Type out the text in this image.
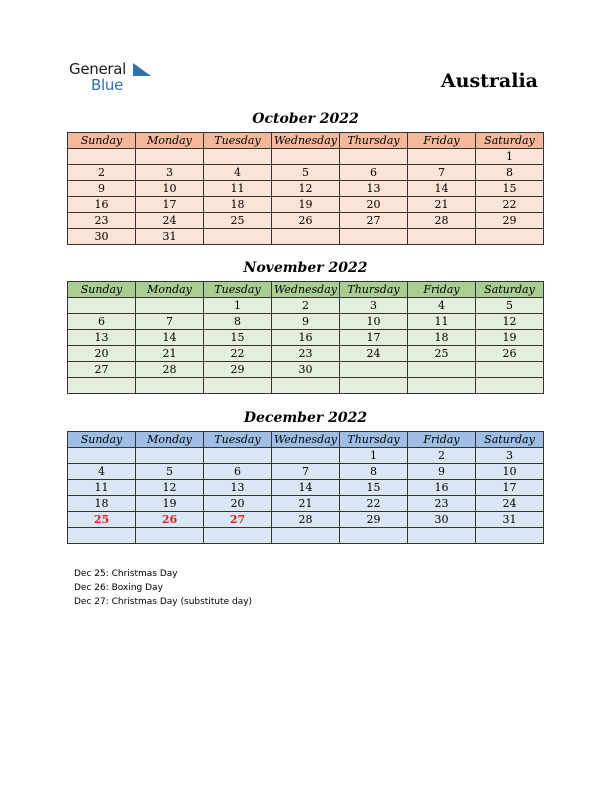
General
Blue	Australia
October 2022
Sunday	Monday	Tuesday	Wednesday	Thursday	Friday	Saturday
						1
2	3	4	5	6	7	8
9	10	11	12	13	14	15
16	17	18	19	20	21	22
23	24	25	26	27	28	29
30	31					
November 2022
Sunday	Monday	Tuesday	Wednesday	Thursday	Friday	Saturday
		1	2	3	4	5
6	7	8	9	10	11	12
13	14	15	16	17	18	19
20	21	22	23	24	25	26
27	28	29	30			

December 2022
Sunday	Monday	Tuesday	Wednesday	Thursday	Friday	Saturday
				1	2	3
4	5	6	7	8	9	10
11	12	13	14	15	16	17
18	19	20	21	22	23	24
25	26	27	28	29	30	31

Dec 25: Christmas Day
Dec 26: Boxing Day
Dec 27: Christmas Day (substitute day)
